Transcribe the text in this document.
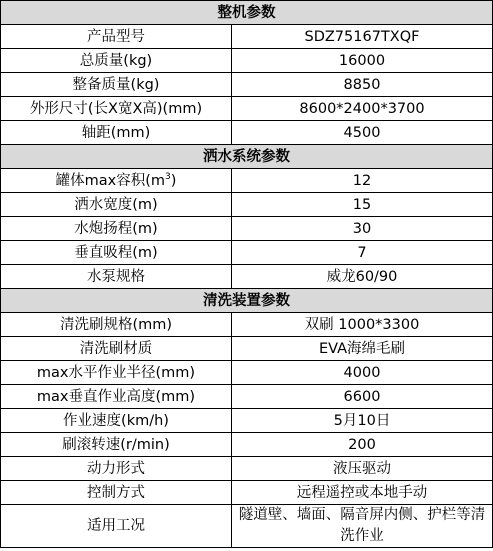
整机参数	
产品型号	SDZ75167TXQF
总质量(kg)	16000
整备质量(kg)	8850
外形尺寸(长X宽X高)(mm)	8600*2400*3700
轴距(mm)	4500
洒水系统参数	
罐体max容积$(m^3)$	12
洒水宽度(m)	15
水炮扬程(m)	30
垂直吸程(m)	7
水泵规格	威龙60/90
清洗装置参数	
清洗刷规格(mm)	双刷 1000*3300
清洗刷材质	EVA海绵毛刷
max水平作业半径(mm)	4000
max垂直作业高度(mm)	6600
作业速度(km/h)	5月10日
刷滚转速(r/min)	200
动力形式	液压驱动
控制方式	远程遥控或本地手动
适用工况	隧道壁、墙面、隔音屏内侧、护栏等清洗作业
